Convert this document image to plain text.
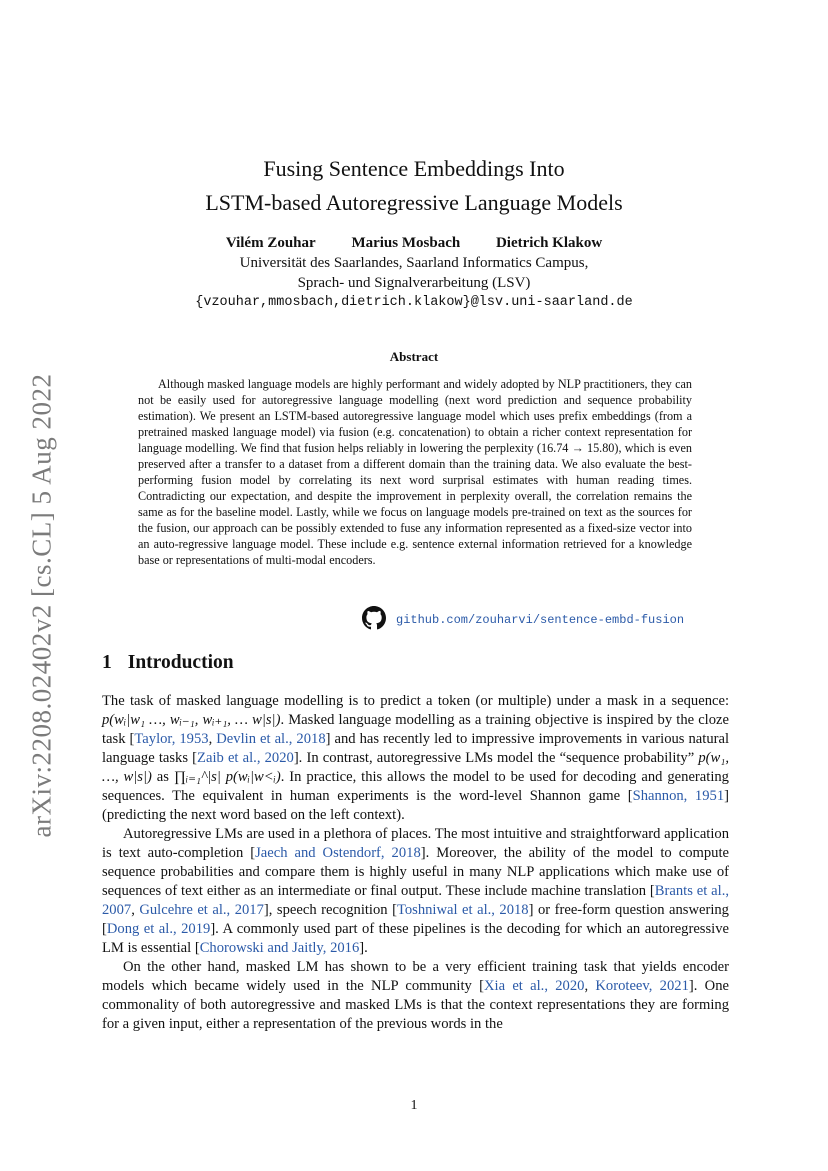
arXiv:2208.02402v2 [cs.CL] 5 Aug 2022
Fusing Sentence Embeddings Into
LSTM-based Autoregressive Language Models
Vilém Zouhar Marius Mosbach Dietrich Klakow
Universität des Saarlandes, Saarland Informatics Campus,
Sprach- und Signalverarbeitung (LSV)
{vzouhar,mmosbach,dietrich.klakow}@lsv.uni-saarland.de
Abstract

Although masked language models are highly performant and widely adopted by NLP practitioners, they can not be easily used for autoregressive language modelling (next word prediction and sequence probability estimation). We present an LSTM-based autoregressive language model which uses prefix embeddings (from a pretrained masked language model) via fusion (e.g. concatenation) to obtain a richer context representation for language modelling. We find that fusion helps reliably in lowering the perplexity (16.74 → 15.80), which is even preserved after a transfer to a dataset from a different domain than the training data. We also evaluate the best-performing fusion model by correlating its next word surprisal estimates with human reading times. Contradicting our expectation, and despite the improvement in perplexity overall, the correlation remains the same as for the baseline model. Lastly, while we focus on language models pre-trained on text as the sources for the fusion, our approach can be possibly extended to fuse any information represented as a fixed-size vector into an auto-regressive language model. These include e.g. sentence external information retrieved for a knowledge base or representations of multi-modal encoders.

github.com/zouharvi/sentence-embd-fusion
1 Introduction

The task of masked language modelling is to predict a token (or multiple) under a mask in a sequence: p(wᵢ|w₁ …, wᵢ₋₁, wᵢ₊₁, … w|s|). Masked language modelling as a training objective is inspired by the cloze task [Taylor, 1953, Devlin et al., 2018] and has recently led to impressive improvements in various natural language tasks [Zaib et al., 2020]. In contrast, autoregressive LMs model the “sequence probability” p(w₁, …, w|s|) as ∏ᵢ₌₁^|s| p(wᵢ|w<ᵢ). In practice, this allows the model to be used for decoding and generating sequences. The equivalent in human experiments is the word-level Shannon game [Shannon, 1951] (predicting the next word based on the left context).

Autoregressive LMs are used in a plethora of places. The most intuitive and straightforward application is text auto-completion [Jaech and Ostendorf, 2018]. Moreover, the ability of the model to compute sequence probabilities and compare them is highly useful in many NLP applications which make use of sequences of text either as an intermediate or final output. These include machine translation [Brants et al., 2007, Gulcehre et al., 2017], speech recognition [Toshniwal et al., 2018] or free-form question answering [Dong et al., 2019]. A commonly used part of these pipelines is the decoding for which an autoregressive LM is essential [Chorowski and Jaitly, 2016].

On the other hand, masked LM has shown to be a very efficient training task that yields encoder models which became widely used in the NLP community [Xia et al., 2020, Koroteev, 2021]. One commonality of both autoregressive and masked LMs is that the context representations they are forming for a given input, either a representation of the previous words in the

1
